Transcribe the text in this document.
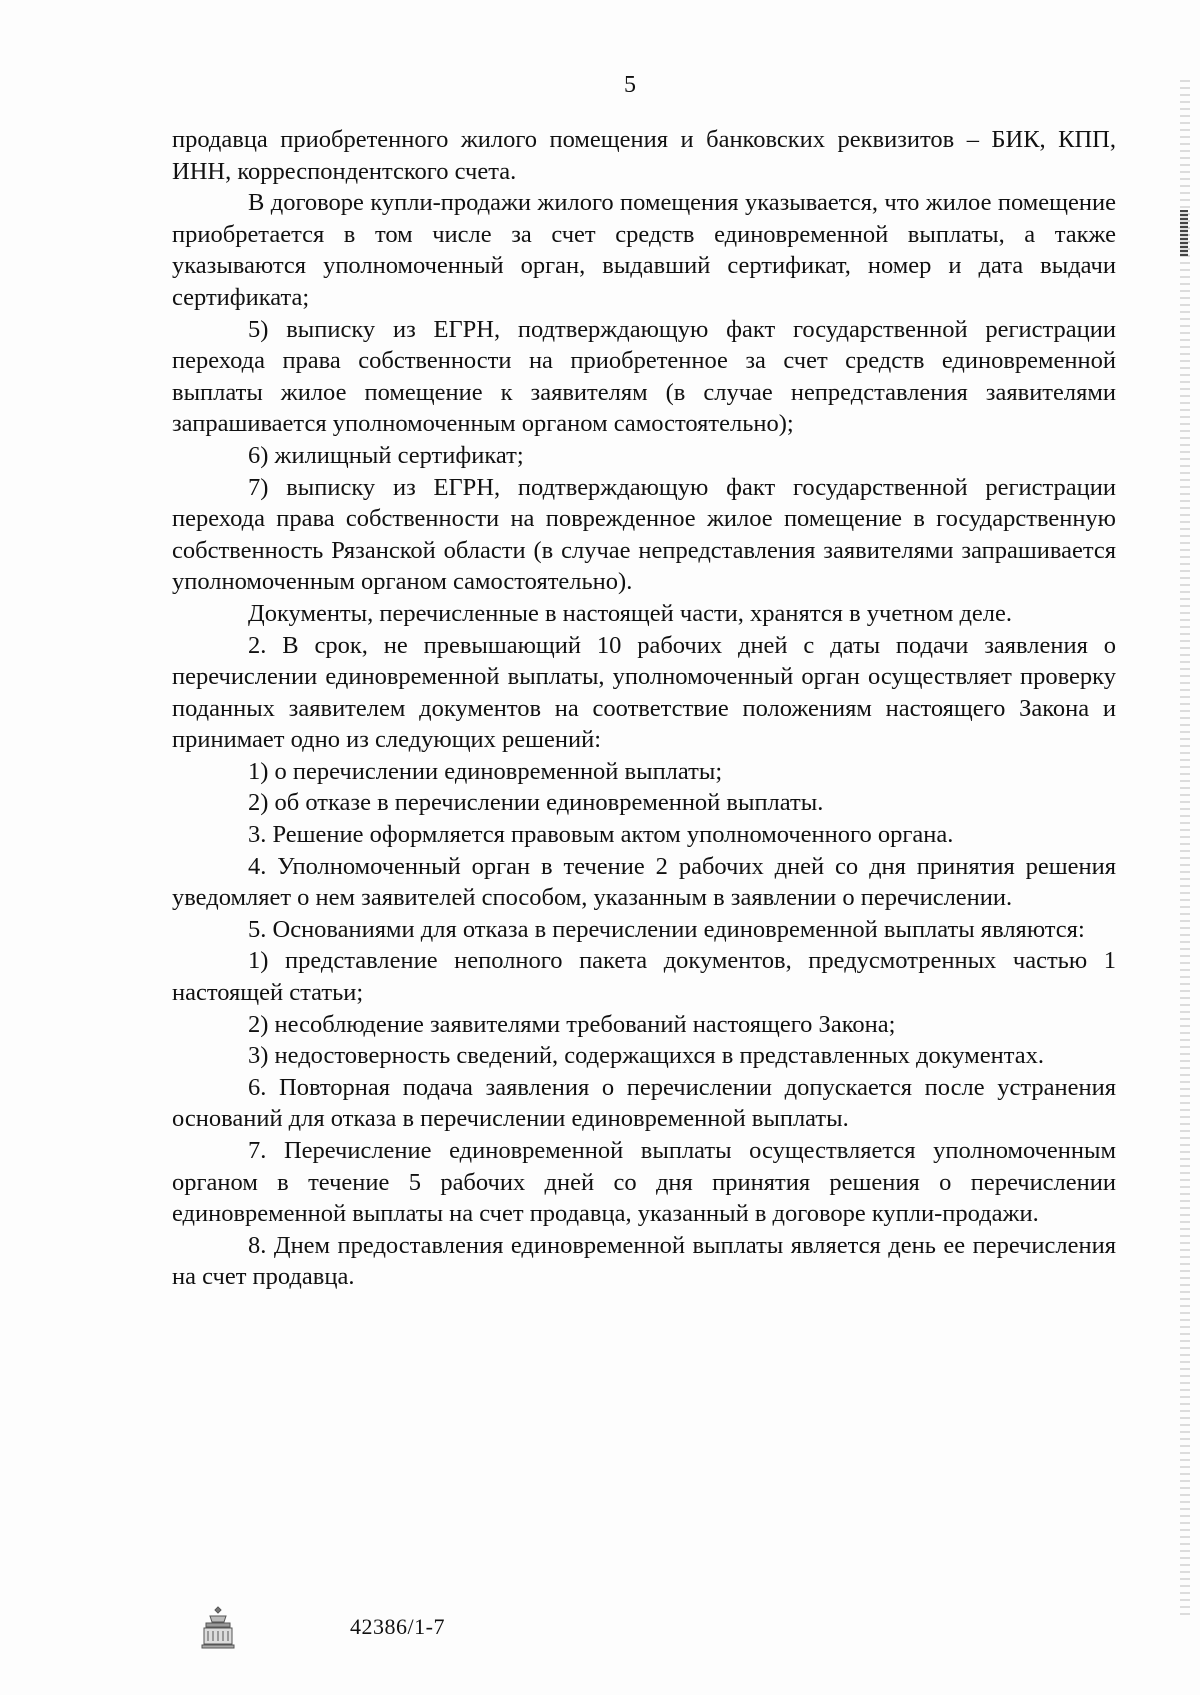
5

продавца приобретенного жилого помещения и банковских реквизитов – БИК, КПП, ИНН, корреспондентского счета.

В договоре купли-продажи жилого помещения указывается, что жилое помещение приобретается в том числе за счет средств единовременной выплаты, а также указываются уполномоченный орган, выдавший сертификат, номер и дата выдачи сертификата;

5) выписку из ЕГРН, подтверждающую факт государственной регистрации перехода права собственности на приобретенное за счет средств единовременной выплаты жилое помещение к заявителям (в случае непредставления заявителями запрашивается уполномоченным органом самостоятельно);

6) жилищный сертификат;

7) выписку из ЕГРН, подтверждающую факт государственной регистрации перехода права собственности на поврежденное жилое помещение в государственную собственность Рязанской области (в случае непредставления заявителями запрашивается уполномоченным органом самостоятельно).

Документы, перечисленные в настоящей части, хранятся в учетном деле.

2. В срок, не превышающий 10 рабочих дней с даты подачи заявления о перечислении единовременной выплаты, уполномоченный орган осуществляет проверку поданных заявителем документов на соответствие положениям настоящего Закона и принимает одно из следующих решений:

1) о перечислении единовременной выплаты;

2) об отказе в перечислении единовременной выплаты.

3. Решение оформляется правовым актом уполномоченного органа.

4. Уполномоченный орган в течение 2 рабочих дней со дня принятия решения уведомляет о нем заявителей способом, указанным в заявлении о перечислении.

5. Основаниями для отказа в перечислении единовременной выплаты являются:

1) представление неполного пакета документов, предусмотренных частью 1 настоящей статьи;

2) несоблюдение заявителями требований настоящего Закона;

3) недостоверность сведений, содержащихся в представленных документах.

6. Повторная подача заявления о перечислении допускается после устранения оснований для отказа в перечислении единовременной выплаты.

7. Перечисление единовременной выплаты осуществляется уполномоченным органом в течение 5 рабочих дней со дня принятия решения о перечислении единовременной выплаты на счет продавца, указанный в договоре купли-продажи.

8. Днем предоставления единовременной выплаты является день ее перечисления на счет продавца.

42386/1-7
